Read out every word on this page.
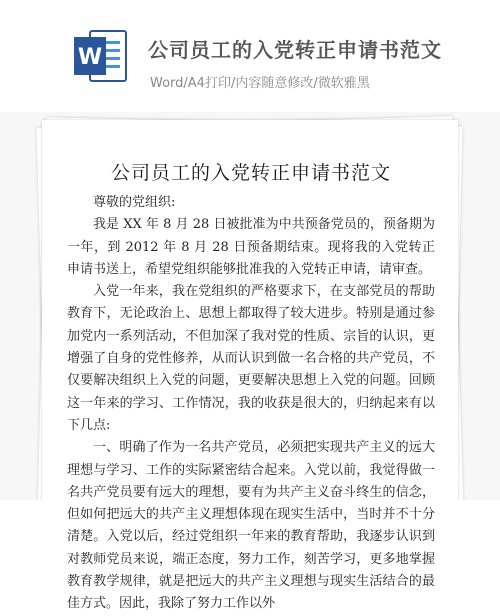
W 公司员工的入党转正申请书范文
Word/A4打印/内容随意修改/微软雅黑
公司员工的入党转正申请书范文

尊敬的党组织:

我是 XX 年 8 月 28 日被批准为中共预备党员的，预备期为一年，到 2012 年 8 月 28 日预备期结束。现将我的入党转正申请书送上，希望党组织能够批准我的入党转正申请，请审查。

入党一年来，我在党组织的严格要求下，在支部党员的帮助教育下，无论政治上、思想上都取得了较大进步。特别是通过参加党内一系列活动，不但加深了我对党的性质、宗旨的认识，更增强了自身的党性修养，从而认识到做一名合格的共产党员，不仅要解决组织上入党的问题，更要解决思想上入党的问题。回顾这一年来的学习、工作情况，我的收获是很大的，归纳起来有以下几点:

一、明确了作为一名共产党员，必须把实现共产主义的远大理想与学习、工作的实际紧密结合起来。入党以前，我觉得做一名共产党员要有远大的理想，要有为共产主义奋斗终生的信念，但如何把远大的共产主义理想体现在现实生活中，当时并不十分清楚。入党以后，经过党组织一年来的教育帮助，我逐步认识到对教师党员来说，端正态度，努力工作，刻苦学习，更多地掌握教育教学规律，就是把远大的共产主义理想与现实生活结合的最佳方式。因此，我除了努力工作以外
